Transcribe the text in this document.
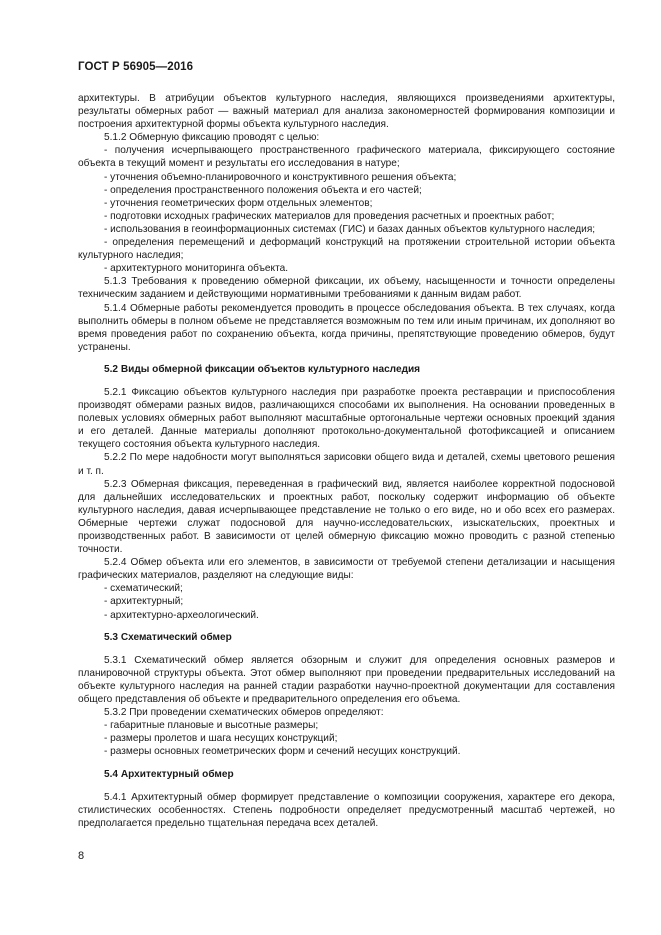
ГОСТ Р 56905—2016

архитектуры. В атрибуции объектов культурного наследия, являющихся произведениями архитектуры, результаты обмерных работ — важный материал для анализа закономерностей формирования композиции и построения архитектурной формы объекта культурного наследия.

5.1.2 Обмерную фиксацию проводят с целью:

- получения исчерпывающего пространственного графического материала, фиксирующего состояние объекта в текущий момент и результаты его исследования в натуре;

- уточнения объемно-планировочного и конструктивного решения объекта;

- определения пространственного положения объекта и его частей;

- уточнения геометрических форм отдельных элементов;

- подготовки исходных графических материалов для проведения расчетных и проектных работ;

- использования в геоинформационных системах (ГИС) и базах данных объектов культурного наследия;

- определения перемещений и деформаций конструкций на протяжении строительной истории объекта культурного наследия;

- архитектурного мониторинга объекта.

5.1.3 Требования к проведению обмерной фиксации, их объему, насыщенности и точности определены техническим заданием и действующими нормативными требованиями к данным видам работ.

5.1.4 Обмерные работы рекомендуется проводить в процессе обследования объекта. В тех случаях, когда выполнить обмеры в полном объеме не представляется возможным по тем или иным причинам, их дополняют во время проведения работ по сохранению объекта, когда причины, препятствующие проведению обмеров, будут устранены.

5.2 Виды обмерной фиксации объектов культурного наследия

5.2.1 Фиксацию объектов культурного наследия при разработке проекта реставрации и приспособления производят обмерами разных видов, различающихся способами их выполнения. На основании проведенных в полевых условиях обмерных работ выполняют масштабные ортогональные чертежи основных проекций здания и его деталей. Данные материалы дополняют протокольно-документальной фотофиксацией и описанием текущего состояния объекта культурного наследия.

5.2.2 По мере надобности могут выполняться зарисовки общего вида и деталей, схемы цветового решения и т. п.

5.2.3 Обмерная фиксация, переведенная в графический вид, является наиболее корректной подосновой для дальнейших исследовательских и проектных работ, поскольку содержит информацию об объекте культурного наследия, давая исчерпывающее представление не только о его виде, но и обо всех его размерах. Обмерные чертежи служат подосновой для научно-исследовательских, изыскательских, проектных и производственных работ. В зависимости от целей обмерную фиксацию можно проводить с разной степенью точности.

5.2.4 Обмер объекта или его элементов, в зависимости от требуемой степени детализации и насыщения графических материалов, разделяют на следующие виды:

- схематический;

- архитектурный;

- архитектурно-археологический.

5.3 Схематический обмер

5.3.1 Схематический обмер является обзорным и служит для определения основных размеров и планировочной структуры объекта. Этот обмер выполняют при проведении предварительных исследований на объекте культурного наследия на ранней стадии разработки научно-проектной документации для составления общего представления об объекте и предварительного определения его объема.

5.3.2 При проведении схематических обмеров определяют:

- габаритные плановые и высотные размеры;

- размеры пролетов и шага несущих конструкций;

- размеры основных геометрических форм и сечений несущих конструкций.

5.4 Архитектурный обмер

5.4.1 Архитектурный обмер формирует представление о композиции сооружения, характере его декора, стилистических особенностях. Степень подробности определяет предусмотренный масштаб чертежей, но предполагается предельно тщательная передача всех деталей.

8
